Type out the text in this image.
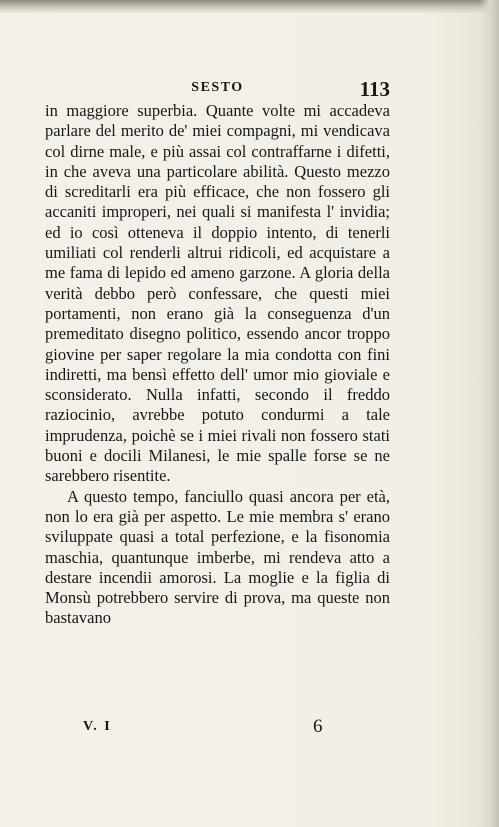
SESTO	113

in maggiore superbia. Quante volte mi accadeva parlare del merito de' miei compagni, mi vendicava col dirne male, e più assai col contraffarne i difetti, in che aveva una particolare abilità. Questo mezzo di screditarli era più efficace, che non fossero gli accaniti improperi, nei quali si manifesta l' invidia; ed io così otteneva il doppio intento, di tenerli umiliati col renderli altrui ridicoli, ed acquistare a me fama di lepido ed ameno garzone. A gloria della verità debbo però confessare, che questi miei portamenti, non erano già la conseguenza d'un premeditato disegno politico, essendo ancor troppo giovine per saper regolare la mia condotta con fini indiretti, ma bensì effetto dell' umor mio gioviale e sconsiderato. Nulla infatti, secondo il freddo raziocinio, avrebbe potuto condurmi a tale imprudenza, poichè se i miei rivali non fossero stati buoni e docili Milanesi, le mie spalle forse se ne sarebbero risentite.

A questo tempo, fanciullo quasi ancora per età, non lo era già per aspetto. Le mie membra s' erano sviluppate quasi a total perfezione, e la fisonomia maschia, quantunque imberbe, mi rendeva atto a destare incendii amorosi. La moglie e la figlia di Monsù potrebbero servire di prova, ma queste non bastavano

V. I	6
